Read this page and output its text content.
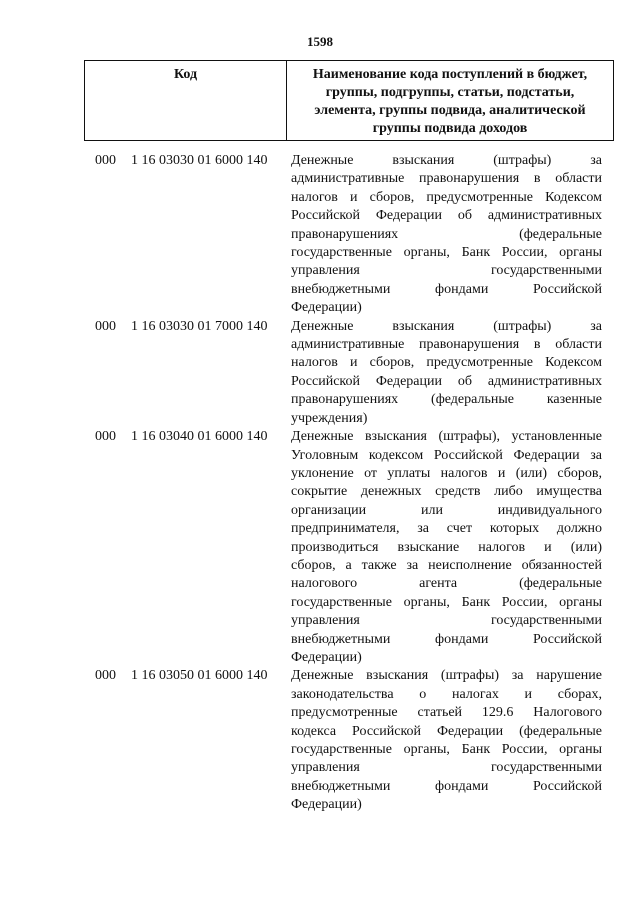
1598
Код	Наименование кода поступлений в бюджет,
группы, подгруппы, статьи, подстатьи,
элемента, группы подвида, аналитической
группы подвида доходов
000 1 16 03030 01 6000 140 Денежные взыскания (штрафы) за
административные правонарушения в области
налогов и сборов, предусмотренные Кодексом
Российской Федерации об административных
правонарушениях (федеральные
государственные органы, Банк России, органы
управления государственными
внебюджетными фондами Российской
Федерации)
000 1 16 03030 01 7000 140 Денежные взыскания (штрафы) за
административные правонарушения в области
налогов и сборов, предусмотренные Кодексом
Российской Федерации об административных
правонарушениях (федеральные казенные
учреждения)
000 1 16 03040 01 6000 140 Денежные взыскания (штрафы), установленные
Уголовным кодексом Российской Федерации за
уклонение от уплаты налогов и (или) сборов,
сокрытие денежных средств либо имущества
организации или индивидуального
предпринимателя, за счет которых должно
производиться взыскание налогов и (или)
сборов, а также за неисполнение обязанностей
налогового агента (федеральные
государственные органы, Банк России, органы
управления государственными
внебюджетными фондами Российской
Федерации)
000 1 16 03050 01 6000 140 Денежные взыскания (штрафы) за нарушение
законодательства о налогах и сборах,
предусмотренные статьей 129.6 Налогового
кодекса Российской Федерации (федеральные
государственные органы, Банк России, органы
управления государственными
внебюджетными фондами Российской
Федерации)
